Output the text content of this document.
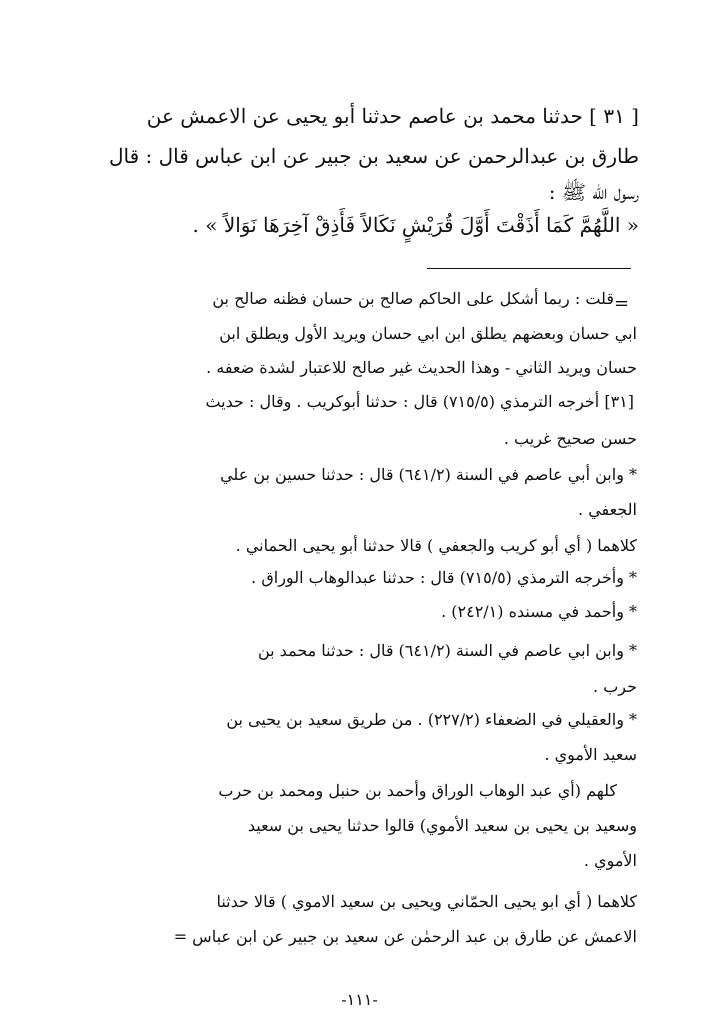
[ ٣١ ] حدثنا محمد بن عاصم حدثنا أبو يحيى عن الاعمش عن
طارق بن عبدالرحمن عن سعيد بن جبير عن ابن عباس قال : قال
رسول الله ﷺ :
« اللَّهُمَّ كَمَا أَذَقْتَ أَوَّلَ قُرَيْشٍ نَكَالاً فَأَذِقْ آخِرَهَا نَوَالاً » .
=
قلت : ربما أشكل على الحاكم صالح بن حسان فظنه صالح بن
ابي حسان وبعضهم يطلق ابن ابي حسان ويريد الأول ويطلق ابن
حسان ويريد الثاني - وهذا الحديث غير صالح للاعتبار لشدة ضعفه .
[٣١] أخرجه الترمذي (٧١٥/٥) قال : حدثنا أبوكريب . وقال : حديث
حسن صحيح غريب .
* وابن أبي عاصم في السنة (٦٤١/٢) قال : حدثنا حسين بن علي
الجعفي .
كلاهما ( أي أبو كريب والجعفي ) قالا حدثنا أبو يحيى الحماني .
* وأخرجه الترمذي (٧١٥/٥) قال : حدثنا عبدالوهاب الوراق .
* وأحمد في مسنده (٢٤٢/١) .
* وابن ابي عاصم في السنة (٦٤١/٢) قال : حدثنا محمد بن
حرب .
* والعقيلي في الضعفاء (٢٢٧/٢) . من طريق سعيد بن يحيى بن
سعيد الأموي .
كلهم (أي عبد الوهاب الوراق وأحمد بن حنبل ومحمد بن حرب
وسعيد بن يحيى بن سعيد الأموي) قالوا حدثنا يحيى بن سعيد
الأموي .
كلاهما ( أي ابو يحيى الحمّاني ويحيى بن سعيد الاموي ) قالا حدثنا
الاعمش عن طارق بن عبد الرحمٰن عن سعيد بن جبير عن ابن عباس =
-١١١-
